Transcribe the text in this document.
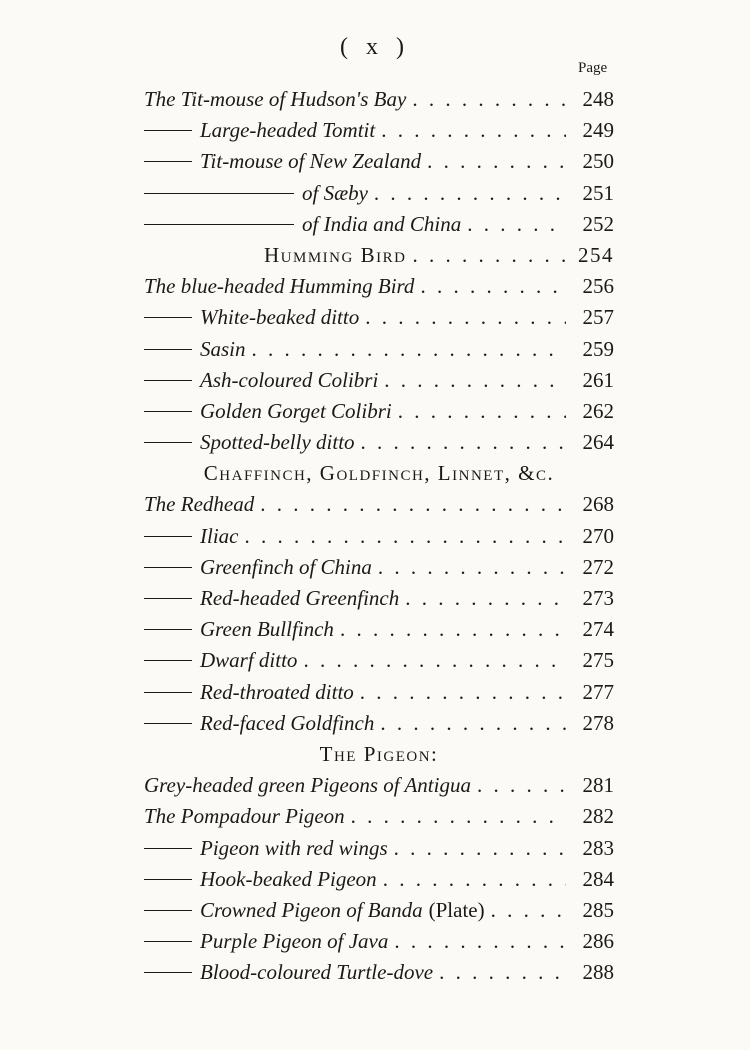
( x )
Page
The Tit-mouse of Hudson's Bay . . .	248
Large-headed Tomtit . . .	249
Tit-mouse of New Zealand . . .	250
of Sæby . . .	251
of India and China . . .	252
Humming Bird . . .	254
The blue-headed Humming Bird . . .	256
White-beaked ditto . . .	257
Sasin . . .	259
Ash-coloured Colibri . . .	261
Golden Gorget Colibri . . .	262
Spotted-belly ditto . . .	264
Chaffinch, Goldfinch, Linnet, &c.
The Redhead . . .	268
Iliac . . .	270
Greenfinch of China . . .	272
Red-headed Greenfinch . . .	273
Green Bullfinch . . .	274
Dwarf ditto . . .	275
Red-throated ditto . . .	277
Red-faced Goldfinch . . .	278
The Pigeon:
Grey-headed green Pigeons of Antigua . . .	281
The Pompadour Pigeon . . .	282
Pigeon with red wings . . .	283
Hook-beaked Pigeon . . .	284
Crowned Pigeon of Banda (Plate) . . .	285
Purple Pigeon of Java . . .	286
Blood-coloured Turtle-dove . . .	288
